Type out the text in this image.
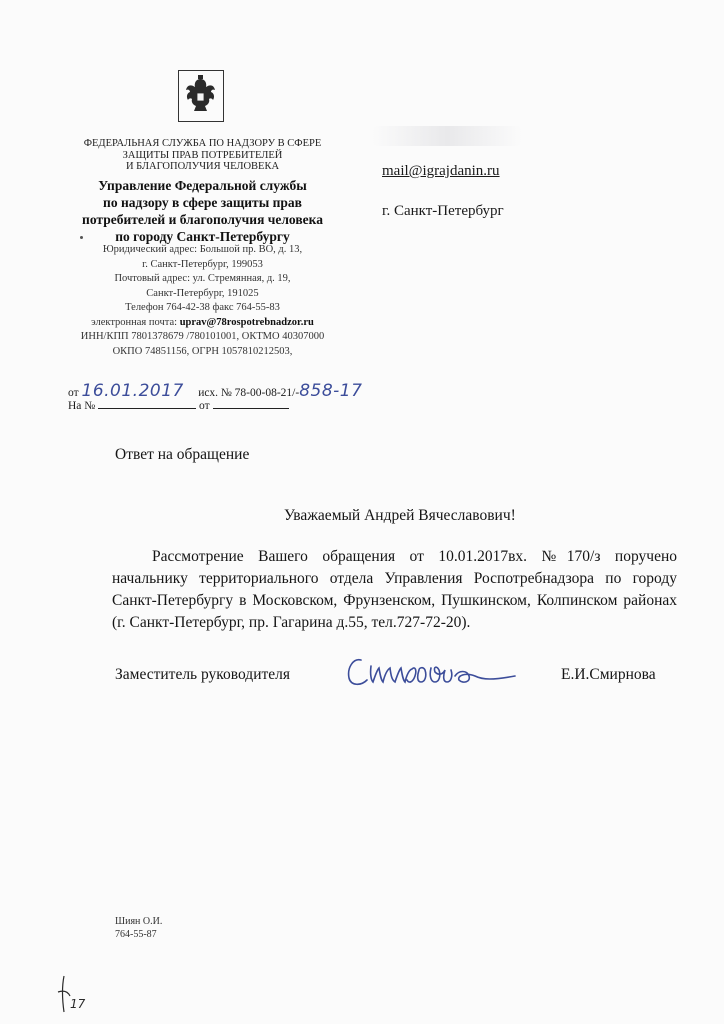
ФЕДЕРАЛЬНАЯ СЛУЖБА ПО НАДЗОРУ В СФЕРЕ
ЗАЩИТЫ ПРАВ ПОТРЕБИТЕЛЕЙ
И БЛАГОПОЛУЧИЯ ЧЕЛОВЕКА
Управление Федеральной службы
по надзору в сфере защиты прав
потребителей и благополучия человека
по городу Санкт-Петербургу
Юридический адрес: Большой пр. ВО, д. 13,
г. Санкт-Петербург, 199053
Почтовый адрес: ул. Стремянная, д. 19,
Санкт-Петербург, 191025
Телефон 764-42-38 факс 764-55-83
электронная почта: uprav@78rospotrebnadzor.ru
ИНН/КПП 7801378679 /780101001, ОКТМО 40307000
ОКПО 74851156, ОГРН 1057810212503,
mail@igrajdanin.ru
г. Санкт-Петербург
от 16.01.2017 исх. № 78-00-08-21/-858-17
На №	от
Ответ на обращение
Уважаемый Андрей Вячеславович!

Рассмотрение Вашего обращения от 10.01.2017вх. №170/з поручено начальнику территориального отдела Управления Роспотребнадзора по городу Санкт-Петербургу в Московском, Фрунзенском, Пушкинском, Колпинском районах (г. Санкт-Петербург, пр. Гагарина д.55, тел.727-72-20).

Заместитель руководителя	Е.И.Смирнова
Шиян О.И.
764-55-87
17
